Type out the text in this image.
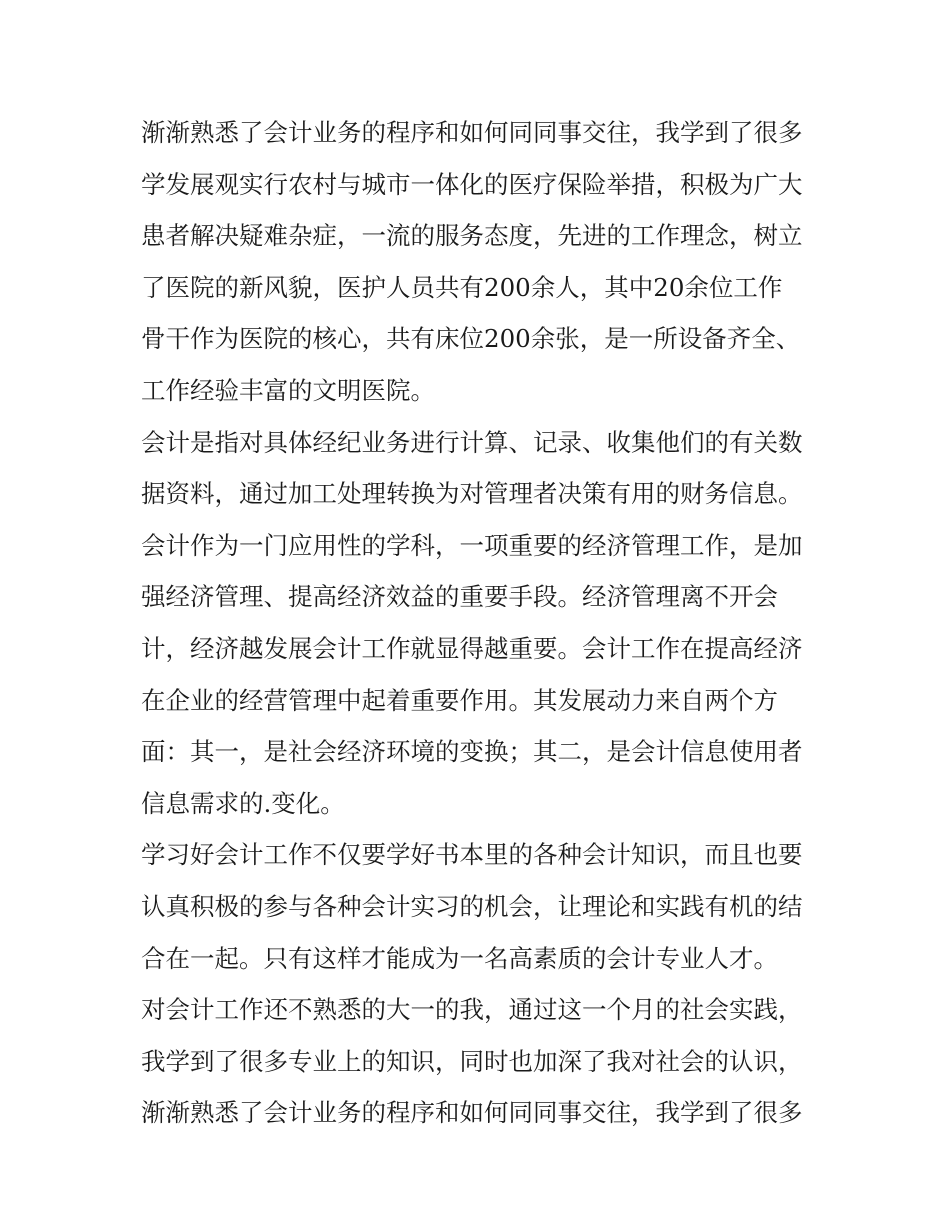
渐渐熟悉了会计业务的程序和如何同同事交往，我学到了很多
学发展观实行农村与城市一体化的医疗保险举措，积极为广大
患者解决疑难杂症，一流的服务态度，先进的工作理念，树立
了医院的新风貌，医护人员共有200余人，其中20余位工作
骨干作为医院的核心，共有床位200余张，是一所设备齐全、
工作经验丰富的文明医院。
会计是指对具体经纪业务进行计算、记录、收集他们的有关数
据资料，通过加工处理转换为对管理者决策有用的财务信息。
会计作为一门应用性的学科，一项重要的经济管理工作，是加
强经济管理、提高经济效益的重要手段。经济管理离不开会
计，经济越发展会计工作就显得越重要。会计工作在提高经济
在企业的经营管理中起着重要作用。其发展动力来自两个方
面：其一，是社会经济环境的变换；其二，是会计信息使用者
信息需求的.变化。
学习好会计工作不仅要学好书本里的各种会计知识，而且也要
认真积极的参与各种会计实习的机会，让理论和实践有机的结
合在一起。只有这样才能成为一名高素质的会计专业人才。
对会计工作还不熟悉的大一的我，通过这一个月的社会实践，
我学到了很多专业上的知识，同时也加深了我对社会的认识，
渐渐熟悉了会计业务的程序和如何同同事交往，我学到了很多
